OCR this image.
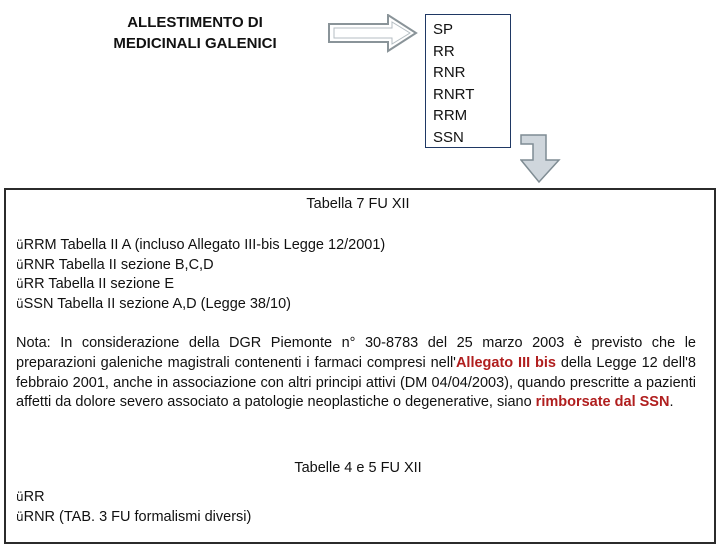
ALLESTIMENTO DI
MEDICINALI GALENICI
SP
RR
RNR
RNRT
RRM
SSN
Tabella 7 FU XII
üRRM Tabella II A (incluso Allegato III-bis Legge 12/2001)
üRNR Tabella II sezione B,C,D
üRR Tabella II sezione E
üSSN Tabella II sezione A,D (Legge 38/10)
Nota: In considerazione della DGR Piemonte n° 30-8783 del 25 marzo 2003 è previsto che le preparazioni galeniche magistrali contenenti i farmaci compresi nell'Allegato III bis della Legge 12 dell'8 febbraio 2001, anche in associazione con altri principi attivi (DM 04/04/2003), quando prescritte a pazienti affetti da dolore severo associato a patologie neoplastiche o degenerative, siano rimborsate dal SSN.
Tabelle 4 e 5 FU XII
üRR
üRNR (TAB. 3 FU formalismi diversi)
